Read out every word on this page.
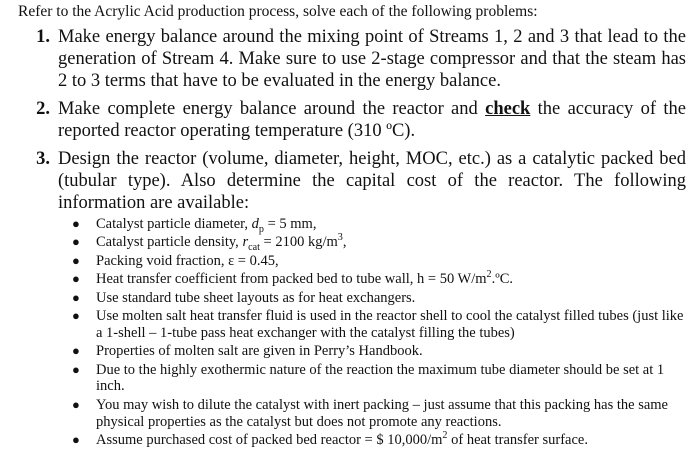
Refer to the Acrylic Acid production process, solve each of the following problems:
1. Make energy balance around the mixing point of Streams 1, 2 and 3 that lead to the generation of Stream 4. Make sure to use 2-stage compressor and that the steam has 2 to 3 terms that have to be evaluated in the energy balance.
2. Make complete energy balance around the reactor and check the accuracy of the reported reactor operating temperature (310 ºC).
3. Design the reactor (volume, diameter, height, MOC, etc.) as a catalytic packed bed (tubular type). Also determine the capital cost of the reactor. The following information are available:
●	Catalyst particle diameter, $d_p = 5$ mm,
●	Catalyst particle density, $r_{cat} = 2100$ $kg/m^3$,
●	Packing void fraction, ε = 0.45,
●	Heat transfer coefficient from packed bed to tube wall, h = 50 $W/m^2.ºC$.
●	Use standard tube sheet layouts as for heat exchangers.
●	Use molten salt heat transfer fluid is used in the reactor shell to cool the catalyst filled tubes (just like a 1-shell – 1-tube pass heat exchanger with the catalyst filling the tubes)
●	Properties of molten salt are given in Perry’s Handbook.
●	Due to the highly exothermic nature of the reaction the maximum tube diameter should be set at 1 inch.
●	You may wish to dilute the catalyst with inert packing – just assume that this packing has the same physical properties as the catalyst but does not promote any reactions.
●	Assume purchased cost of packed bed reactor = $ $10,000/m^2$ of heat transfer surface.
